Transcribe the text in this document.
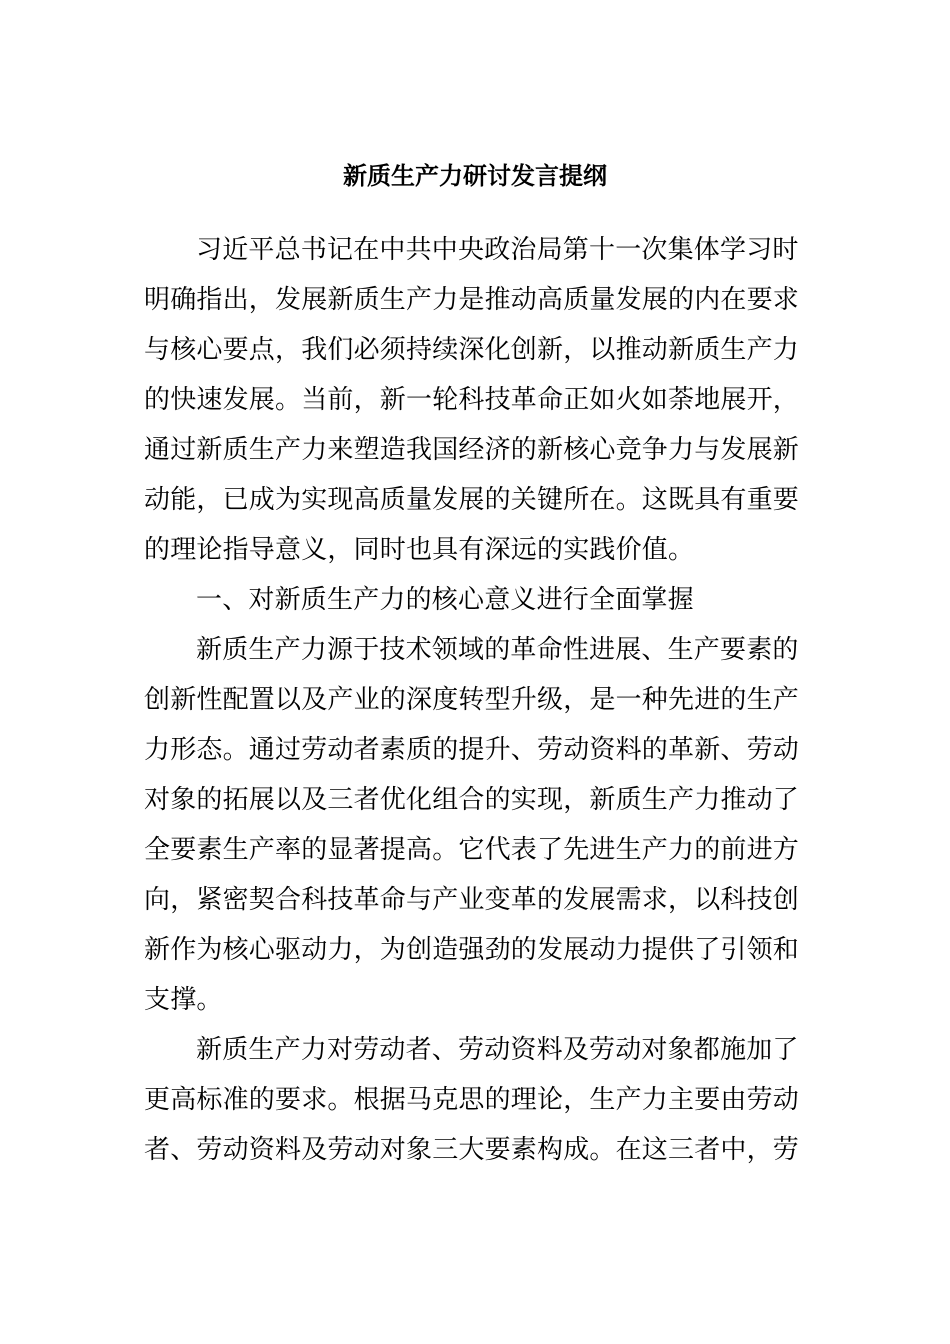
新质生产力研讨发言提纲
习近平总书记在中共中央政治局第十一次集体学习时
明确指出，发展新质生产力是推动高质量发展的内在要求
与核心要点，我们必须持续深化创新，以推动新质生产力
的快速发展。当前，新一轮科技革命正如火如荼地展开，
通过新质生产力来塑造我国经济的新核心竞争力与发展新
动能，已成为实现高质量发展的关键所在。这既具有重要
的理论指导意义，同时也具有深远的实践价值。
一、对新质生产力的核心意义进行全面掌握
新质生产力源于技术领域的革命性进展、生产要素的
创新性配置以及产业的深度转型升级，是一种先进的生产
力形态。通过劳动者素质的提升、劳动资料的革新、劳动
对象的拓展以及三者优化组合的实现，新质生产力推动了
全要素生产率的显著提高。它代表了先进生产力的前进方
向，紧密契合科技革命与产业变革的发展需求，以科技创
新作为核心驱动力，为创造强劲的发展动力提供了引领和
支撑。
新质生产力对劳动者、劳动资料及劳动对象都施加了
更高标准的要求。根据马克思的理论，生产力主要由劳动
者、劳动资料及劳动对象三大要素构成。在这三者中，劳
